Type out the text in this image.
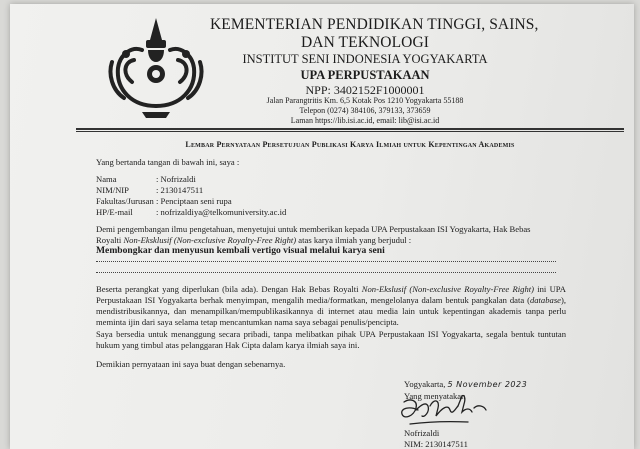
KEMENTERIAN PENDIDIKAN TINGGI, SAINS,
DAN TEKNOLOGI
INSTITUT SENI INDONESIA YOGYAKARTA
UPA PERPUSTAKAAN
NPP: 3402152F1000001
Jalan Parangtritis Km. 6,5 Kotak Pos 1210 Yogyakarta 55188
Telepon (0274) 384106, 379133, 373659
Laman https://lib.isi.ac.id, email: lib@isi.ac.id
Lembar Pernyataan Persetujuan Publikasi Karya Ilmiah untuk Kepentingan Akademis
Yang bertanda tangan di bawah ini, saya :
Nama	: Nofrizaldi
NIM/NIP	: 2130147511
Fakultas/Jurusan : Penciptaan seni rupa
HP/E-mail	: nofrizaldiya@telkomuniversity.ac.id
Demi pengembangan ilmu pengetahuan, menyetujui untuk memberikan kepada UPA Perpustakaan ISI Yogyakarta, Hak Bebas
Royalti Non-Eksklusif (Non-exclusive Royalty-Free Right) atas karya ilmiah yang berjudul :
Membongkar dan menyusun kembali vertigo visual melalui karya seni
Beserta perangkat yang diperlukan (bila ada). Dengan Hak Bebas Royalti Non-Ekslusif (Non-exclusive Royalty-Free Right) ini UPA Perpustakaan ISI Yogyakarta berhak menyimpan, mengalih media/formatkan, mengelolanya dalam bentuk pangkalan data (database), mendistribusikannya, dan menampilkan/mempublikasikannya di internet atau media lain untuk kepentingan akademis tanpa perlu meminta ijin dari saya selama tetap mencantumkan nama saya sebagai penulis/pencipta.
Saya bersedia untuk menanggung secara pribadi, tanpa melibatkan pihak UPA Perpustakaan ISI Yogyakarta, segala bentuk tuntutan hukum yang timbul atas pelanggaran Hak Cipta dalam karya ilmiah saya ini.
Demikian pernyataan ini saya buat dengan sebenarnya.
Yogyakarta, 5 November 2023
Yang menyatakan
Nofrizaldi
NIM: 2130147511
